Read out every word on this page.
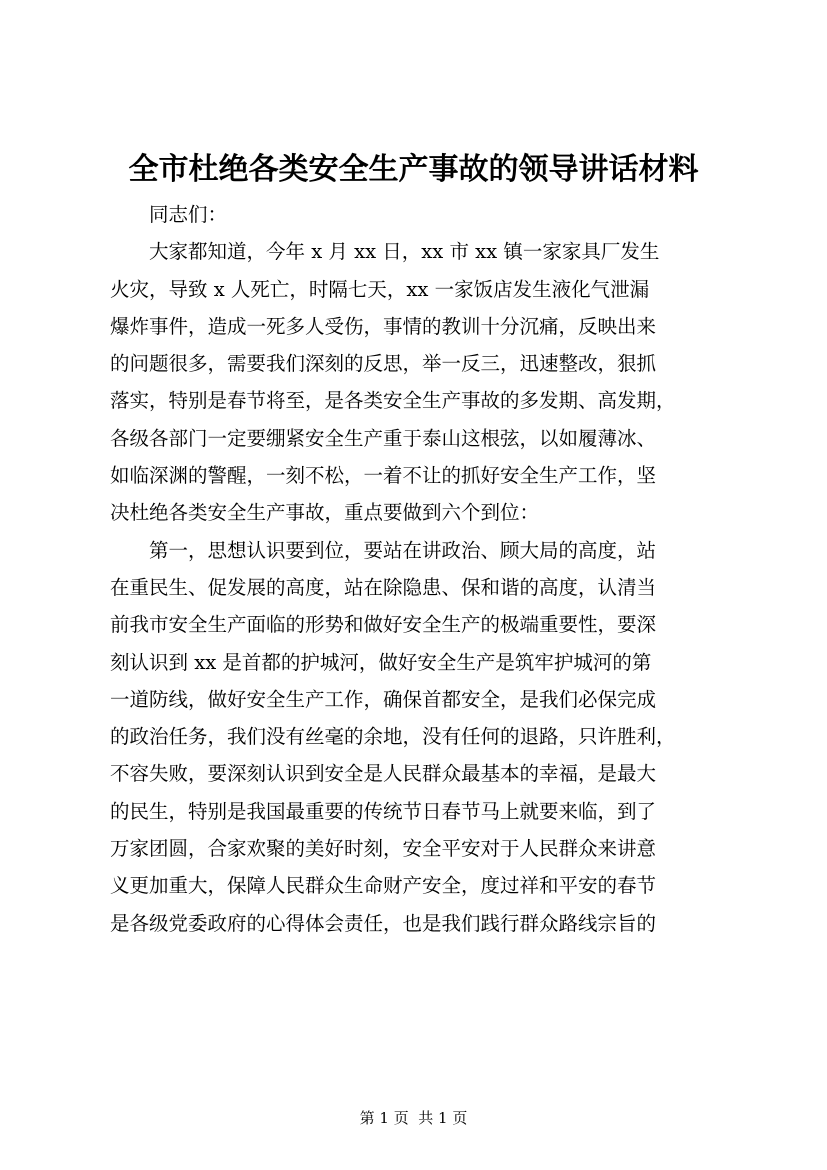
全市杜绝各类安全生产事故的领导讲话材料
　　同志们：
　　大家都知道，今年 x 月 xx 日，xx 市 xx 镇一家家具厂发生
火灾，导致 x 人死亡，时隔七天，xx 一家饭店发生液化气泄漏
爆炸事件，造成一死多人受伤，事情的教训十分沉痛，反映出来
的问题很多，需要我们深刻的反思，举一反三，迅速整改，狠抓
落实，特别是春节将至，是各类安全生产事故的多发期、高发期，
各级各部门一定要绷紧安全生产重于泰山这根弦，以如履薄冰、
如临深渊的警醒，一刻不松，一着不让的抓好安全生产工作，坚
决杜绝各类安全生产事故，重点要做到六个到位：
　　第一，思想认识要到位，要站在讲政治、顾大局的高度，站
在重民生、促发展的高度，站在除隐患、保和谐的高度，认清当
前我市安全生产面临的形势和做好安全生产的极端重要性，要深
刻认识到 xx 是首都的护城河，做好安全生产是筑牢护城河的第
一道防线，做好安全生产工作，确保首都安全，是我们必保完成
的政治任务，我们没有丝毫的余地，没有任何的退路，只许胜利，
不容失败，要深刻认识到安全是人民群众最基本的幸福，是最大
的民生，特别是我国最重要的传统节日春节马上就要来临，到了
万家团圆，合家欢聚的美好时刻，安全平安对于人民群众来讲意
义更加重大，保障人民群众生命财产安全，度过祥和平安的春节
是各级党委政府的心得体会责任，也是我们践行群众路线宗旨的
第 1 页  共 1 页
